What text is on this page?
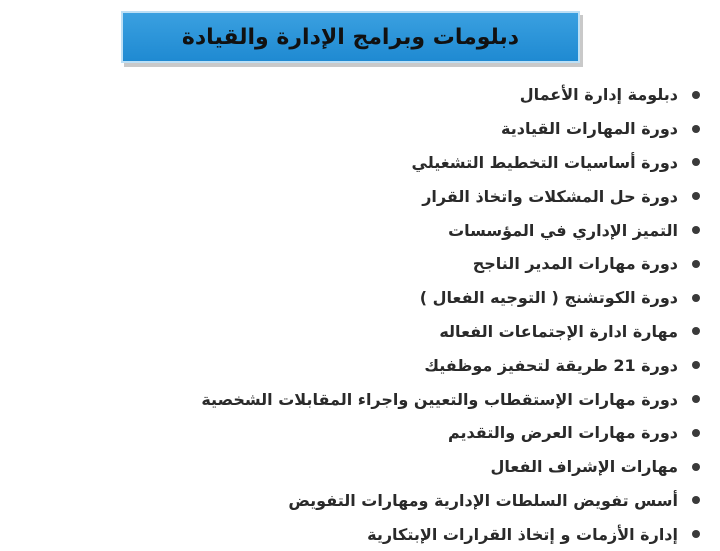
دبلومات وبرامج الإدارة والقيادة
دبلومة إدارة الأعمال
دورة المهارات القيادية
دورة أساسيات التخطيط التشغيلي
دورة حل المشكلات واتخاذ القرار
التميز الإداري في المؤسسات
دورة مهارات المدير الناجح
دورة الكوتشنج ( التوجيه الفعال )
مهارة ادارة الإجتماعات الفعاله
دورة 21 طريقة لتحفيز موظفيك
دورة مهارات الإستقطاب والتعيين واجراء المقابلات الشخصية
دورة مهارات العرض والتقديم
مهارات الإشراف الفعال
أسس تفويض السلطات الإدارية ومهارات التفويض
إدارة الأزمات و إتخاذ القرارات الإبتكارية
